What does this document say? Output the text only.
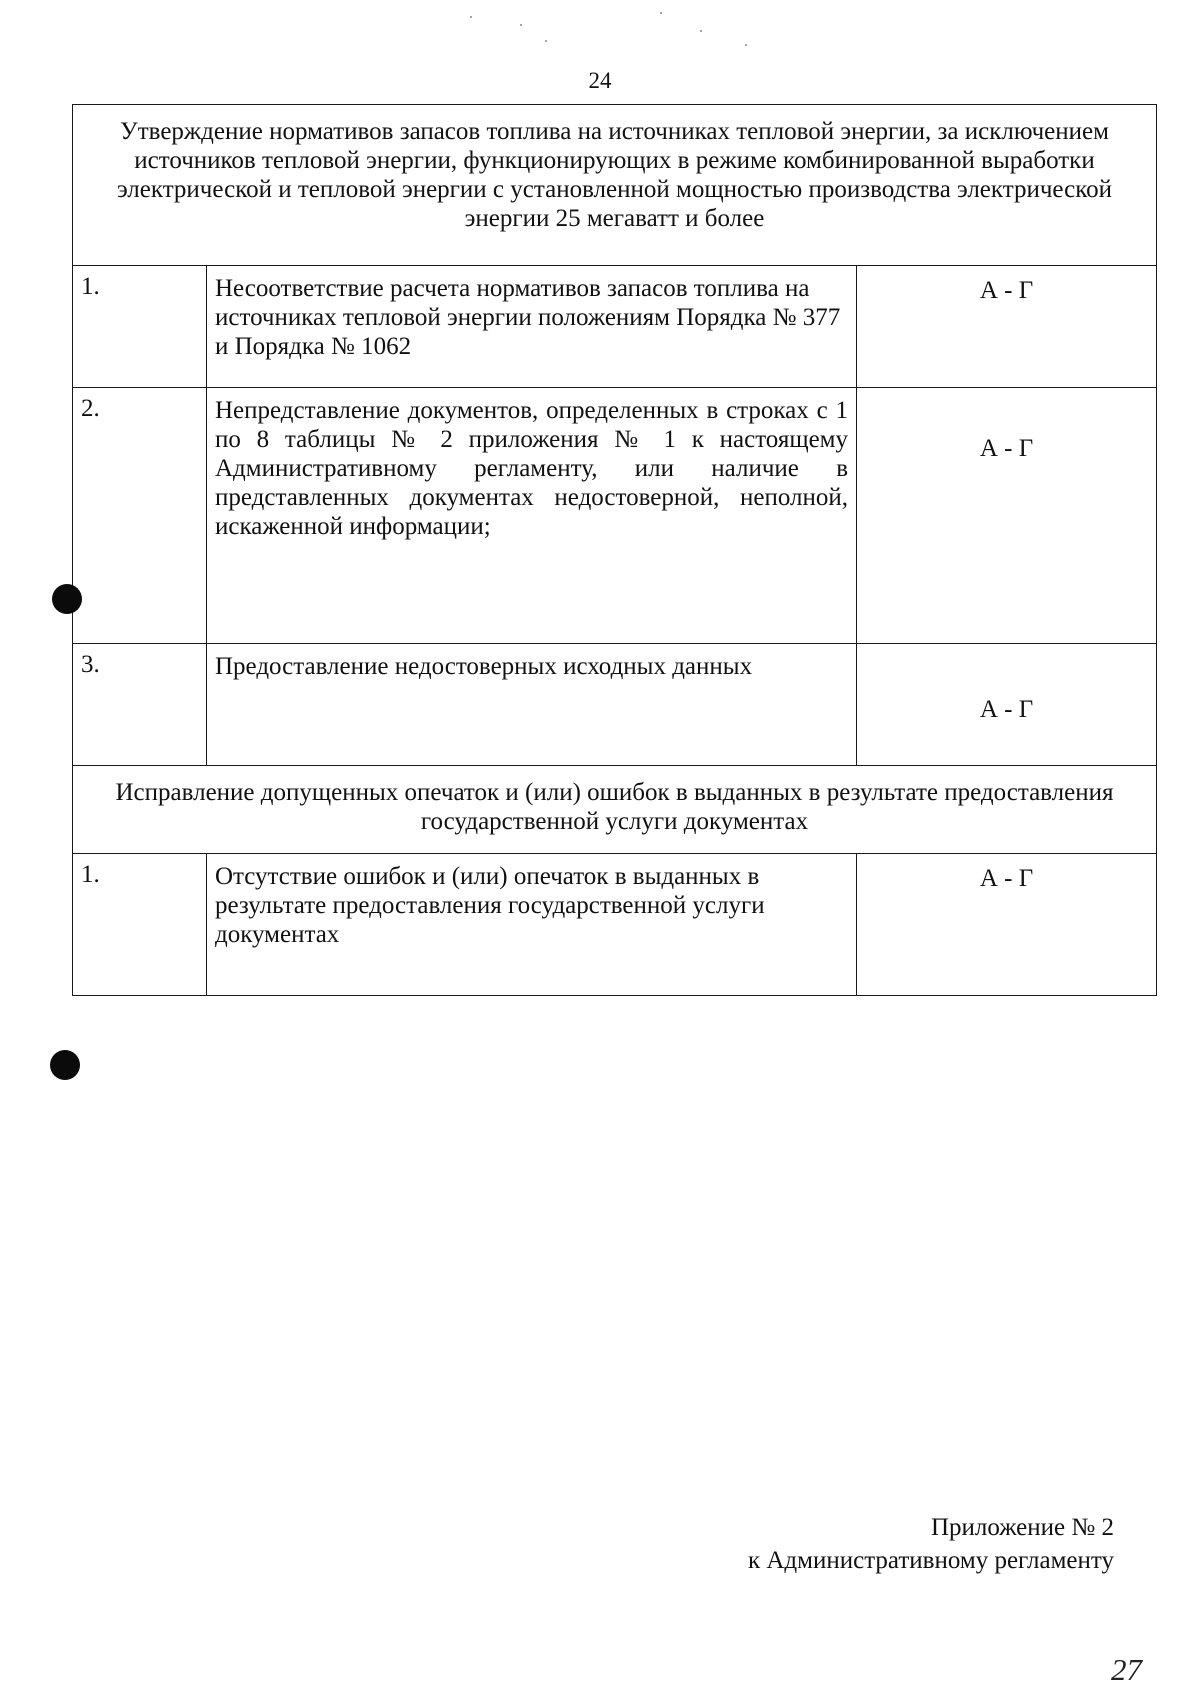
24
Утверждение нормативов запасов топлива на источниках тепловой энергии, за исключением источников тепловой энергии, функционирующих в режиме комбинированной выработки электрической и тепловой энергии с установленной мощностью производства электрической энергии 25 мегаватт и более		
1.	Несоответствие расчета нормативов запасов топлива на источниках тепловой энергии положениям Порядка № 377 и Порядка № 1062	А - Г
2.	Непредставление документов, определенных в строках с 1 по 8 таблицы № 2 приложения № 1 к настоящему Административному регламенту, или наличие в представленных документах недостоверной, неполной, искаженной информации;	А - Г
3.	Предоставление недостоверных исходных данных	А - Г
Исправление допущенных опечаток и (или) ошибок в выданных в результате предоставления государственной услуги документах		
1.	Отсутствие ошибок и (или) опечаток в выданных в результате предоставления государственной услуги документах	А - Г
Приложение № 2
к Административному регламенту
27
